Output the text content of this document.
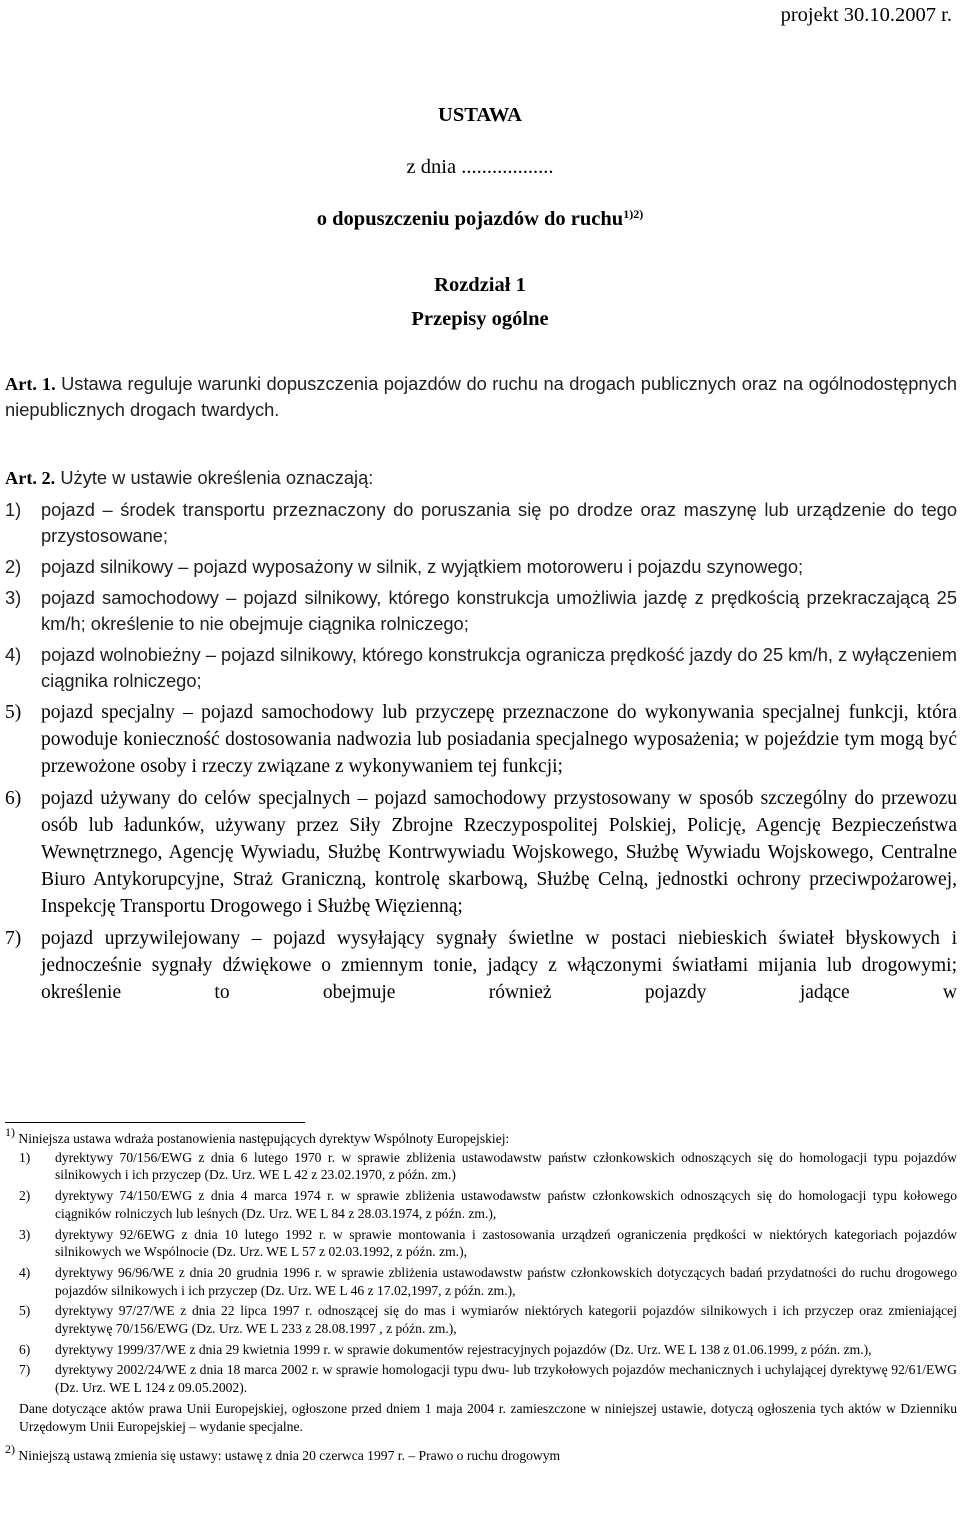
projekt 30.10.2007 r.
USTAWA
z dnia ..................
o dopuszczeniu pojazdów do ruchu$^{1)2)}$
Rozdział 1
Przepisy ogólne
Art. 1. Ustawa reguluje warunki dopuszczenia pojazdów do ruchu na drogach publicznych oraz na ogólnodostępnych niepublicznych drogach twardych.
Art. 2. Użyte w ustawie określenia oznaczają:
1)	pojazd – środek transportu przeznaczony do poruszania się po drodze oraz maszynę lub urządzenie do tego przystosowane;
2)	pojazd silnikowy – pojazd wyposażony w silnik, z wyjątkiem motoroweru i pojazdu szynowego;
3)	pojazd samochodowy – pojazd silnikowy, którego konstrukcja umożliwia jazdę z prędkością przekraczającą 25 km/h; określenie to nie obejmuje ciągnika rolniczego;
4)	pojazd wolnobieżny – pojazd silnikowy, którego konstrukcja ogranicza prędkość jazdy do 25 km/h, z wyłączeniem ciągnika rolniczego;
5)	pojazd specjalny – pojazd samochodowy lub przyczepę przeznaczone do wykonywania specjalnej funkcji, która powoduje konieczność dostosowania nadwozia lub posiadania specjalnego wyposażenia; w pojeździe tym mogą być przewożone osoby i rzeczy związane z wykonywaniem tej funkcji;
6)	pojazd używany do celów specjalnych – pojazd samochodowy przystosowany w sposób szczególny do przewozu osób lub ładunków, używany przez Siły Zbrojne Rzeczypospolitej Polskiej, Policję, Agencję Bezpieczeństwa Wewnętrznego, Agencję Wywiadu, Służbę Kontrwywiadu Wojskowego, Służbę Wywiadu Wojskowego, Centralne Biuro Antykorupcyjne, Straż Graniczną, kontrolę skarbową, Służbę Celną, jednostki ochrony przeciwpożarowej, Inspekcję Transportu Drogowego i Służbę Więzienną;
7)	pojazd uprzywilejowany – pojazd wysyłający sygnały świetlne w postaci niebieskich świateł błyskowych i jednocześnie sygnały dźwiękowe o zmiennym tonie, jadący z włączonymi światłami mijania lub drogowymi; określenie to obejmuje również pojazdy jadące w
$^{1)}$ Niniejsza ustawa wdraża postanowienia następujących dyrektyw Wspólnoty Europejskiej:
1)	dyrektywy 70/156/EWG z dnia 6 lutego 1970 r. w sprawie zbliżenia ustawodawstw państw członkowskich odnoszących się do homologacji typu pojazdów silnikowych i ich przyczep (Dz. Urz. WE L 42 z 23.02.1970, z późn. zm.)
2)	dyrektywy 74/150/EWG z dnia 4 marca 1974 r. w sprawie zbliżenia ustawodawstw państw członkowskich odnoszących się do homologacji typu kołowego ciągników rolniczych lub leśnych (Dz. Urz. WE L 84 z 28.03.1974, z późn. zm.),
3)	dyrektywy 92/6EWG z dnia 10 lutego 1992 r. w sprawie montowania i zastosowania urządzeń ograniczenia prędkości w niektórych kategoriach pojazdów silnikowych we Wspólnocie (Dz. Urz. WE L 57 z 02.03.1992, z późn. zm.),
4)	dyrektywy 96/96/WE z dnia 20 grudnia 1996 r. w sprawie zbliżenia ustawodawstw państw członkowskich dotyczących badań przydatności do ruchu drogowego pojazdów silnikowych i ich przyczep (Dz. Urz. WE L 46 z 17.02,1997, z późn. zm.),
5)	dyrektywy 97/27/WE z dnia 22 lipca 1997 r. odnoszącej się do mas i wymiarów niektórych kategorii pojazdów silnikowych i ich przyczep oraz zmieniającej dyrektywę 70/156/EWG (Dz. Urz. WE L 233 z 28.08.1997 , z późn. zm.),
6)	dyrektywy 1999/37/WE z dnia 29 kwietnia 1999 r. w sprawie dokumentów rejestracyjnych pojazdów (Dz. Urz. WE L 138 z 01.06.1999, z późn. zm.),
7)	dyrektywy 2002/24/WE z dnia 18 marca 2002 r. w sprawie homologacji typu dwu- lub trzykołowych pojazdów mechanicznych i uchylającej dyrektywę 92/61/EWG (Dz. Urz. WE L 124 z 09.05.2002).
Dane dotyczące aktów prawa Unii Europejskiej, ogłoszone przed dniem 1 maja 2004 r. zamieszczone w niniejszej ustawie, dotyczą ogłoszenia tych aktów w Dzienniku Urzędowym Unii Europejskiej – wydanie specjalne.
$^{2)}$ Niniejszą ustawą zmienia się ustawy: ustawę z dnia 20 czerwca 1997 r. – Prawo o ruchu drogowym
